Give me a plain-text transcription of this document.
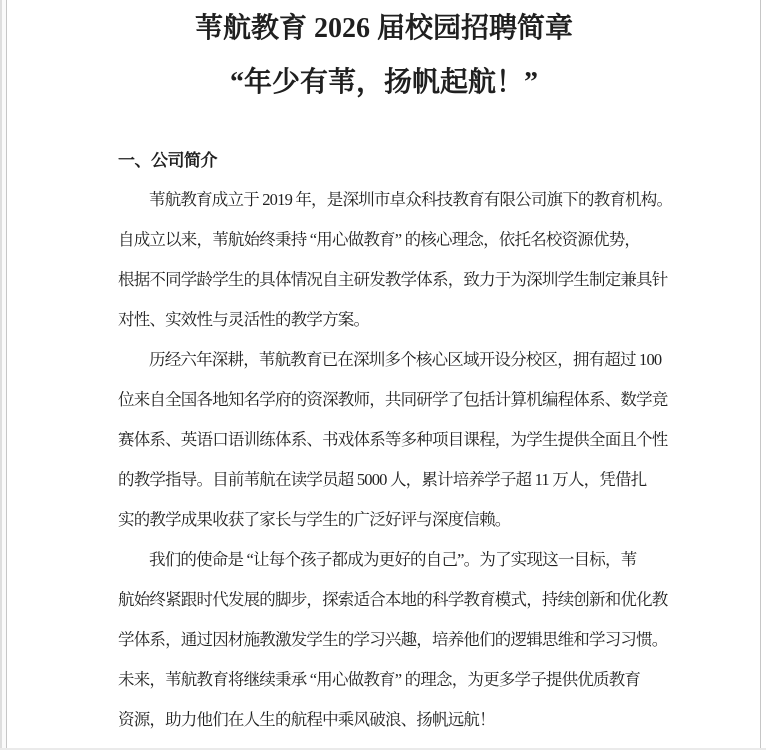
苇航教育 2026 届校园招聘简章
“年少有苇，扬帆起航！”
一、公司简介
苇航教育成立于 2019 年，是深圳市卓众科技教育有限公司旗下的教育机构。
自成立以来，苇航始终秉持 “用心做教育” 的核心理念，依托名校资源优势，
根据不同学龄学生的具体情况自主研发教学体系，致力于为深圳学生制定兼具针
对性、实效性与灵活性的教学方案。
历经六年深耕，苇航教育已在深圳多个核心区域开设分校区，拥有超过 100
位来自全国各地知名学府的资深教师，共同研学了包括计算机编程体系、数学竞
赛体系、英语口语训练体系、书戏体系等多种项目课程，为学生提供全面且个性
的教学指导。目前苇航在读学员超 5000 人，累计培养学子超 11 万人，凭借扎
实的教学成果收获了家长与学生的广泛好评与深度信赖。
我们的使命是 “让每个孩子都成为更好的自己”。为了实现这一目标，苇
航始终紧跟时代发展的脚步，探索适合本地的科学教育模式，持续创新和优化教
学体系，通过因材施教激发学生的学习兴趣，培养他们的逻辑思维和学习习惯。
未来，苇航教育将继续秉承 “用心做教育” 的理念，为更多学子提供优质教育
资源，助力他们在人生的航程中乘风破浪、扬帆远航！
